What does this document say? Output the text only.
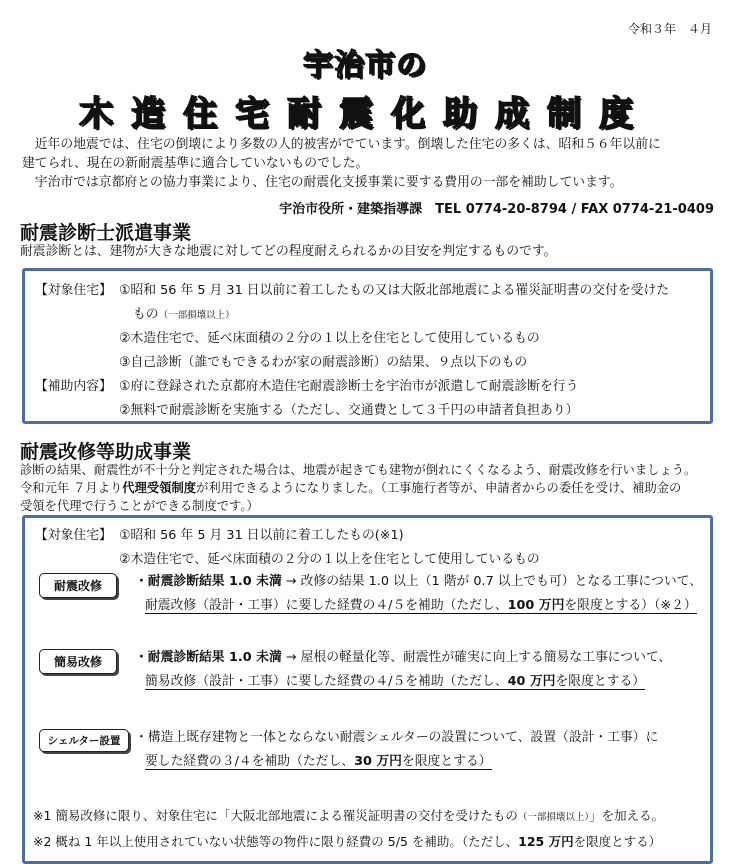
令和３年　４月
宇治市の
木造住宅耐震化助成制度

近年の地震では、住宅の倒壊により多数の人的被害がでています。倒壊した住宅の多くは、昭和５６年以前に

建てられ、現在の新耐震基準に適合していないものでした。

宇治市では京都府との協力事業により、住宅の耐震化支援事業に要する費用の一部を補助しています。

宇治市役所・建築指導課　TEL 0774-20-8794 / FAX 0774-21-0409
耐震診断士派遣事業
耐震診断とは、建物が大きな地震に対してどの程度耐えられるかの目安を判定するものです。
【対象住宅】 ①昭和 56 年 5 月 31 日以前に着工したもの又は大阪北部地震による罹災証明書の交付を受けた
もの（一部損壊以上）
②木造住宅で、延べ床面積の２分の１以上を住宅として使用しているもの
③自己診断（誰でもできるわが家の耐震診断）の結果、９点以下のもの
【補助内容】 ①府に登録された京都府木造住宅耐震診断士を宇治市が派遣して耐震診断を行う
②無料で耐震診断を実施する（ただし、交通費として３千円の申請者負担あり）
耐震改修等助成事業
診断の結果、耐震性が不十分と判定された場合は、地震が起きても建物が倒れにくくなるよう、耐震改修を行いましょう。
令和元年 ７月より代理受領制度が利用できるようになりました。（工事施行者等が、申請者からの委任を受け、補助金の
受領を代理で行うことができる制度です。）
【対象住宅】 ①昭和 56 年 5 月 31 日以前に着工したもの(※1)
②木造住宅で、延べ床面積の２分の１以上を住宅として使用しているもの
耐震改修	・耐震診断結果 1.0 未満 → 改修の結果 1.0 以上（1 階が 0.7 以上でも可）となる工事について、
耐震改修（設計・工事）に要した経費の４/５を補助（ただし、100 万円を限度とする）（※２）
簡易改修	・耐震診断結果 1.0 未満 → 屋根の軽量化等、耐震性が確実に向上する簡易な工事について、
簡易改修（設計・工事）に要した経費の４/５を補助（ただし、40 万円を限度とする）
シェルター設置	・構造上既存建物と一体とならない耐震シェルターの設置について、設置（設計・工事）に
要した経費の３/４を補助（ただし、30 万円を限度とする）
※1 簡易改修に限り、対象住宅に「大阪北部地震による罹災証明書の交付を受けたもの（一部損壊以上）」を加える。
※2 概ね 1 年以上使用されていない状態等の物件に限り経費の 5/5 を補助。（ただし、125 万円を限度とする）
